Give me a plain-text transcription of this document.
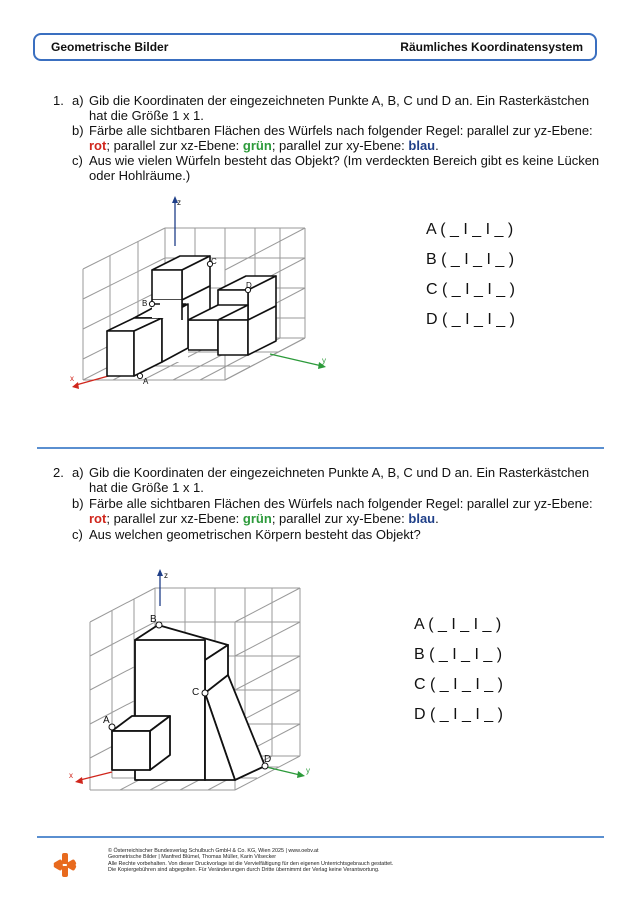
Geometrische Bilder	Räumliches Koordinatensystem
1. a) Gib die Koordinaten der eingezeichneten Punkte A, B, C und D an. Ein Rasterkästchen
hat die Größe 1 x 1.
b) Färbe alle sichtbaren Flächen des Würfels nach folgender Regel: parallel zur yz-Ebene:
rot; parallel zur xz-Ebene: grün; parallel zur xy-Ebene: blau.
c) Aus wie vielen Würfeln besteht das Objekt? (Im verdeckten Bereich gibt es keine Lücken
oder Hohlräume.)
B
C
D
A
z
x
y
A ( _ I _ I _ )
B ( _ I _ I _ )
C ( _ I _ I _ )
D ( _ I _ I _ )
2. a) Gib die Koordinaten der eingezeichneten Punkte A, B, C und D an. Ein Rasterkästchen
hat die Größe 1 x 1.
b) Färbe alle sichtbaren Flächen des Würfels nach folgender Regel: parallel zur yz-Ebene:
rot; parallel zur xz-Ebene: grün; parallel zur xy-Ebene: blau.
c) Aus welchen geometrischen Körpern besteht das Objekt?
B
C
D
A
z
x
y
A ( _ I _ I _ )
B ( _ I _ I _ )
C ( _ I _ I _ )
D ( _ I _ I _ )
© Österreichischer Bundesverlag Schulbuch GmbH & Co. KG, Wien 2025 | www.oebv.at
Geometrische Bilder | Manfred Blümel, Thomas Müller, Karin Vilsecker
Alle Rechte vorbehalten. Von dieser Druckvorlage ist die Vervielfältigung für den eigenen Unterrichtsgebrauch gestattet.
Die Kopiergebühren sind abgegolten. Für Veränderungen durch Dritte übernimmt der Verlag keine Verantwortung.
